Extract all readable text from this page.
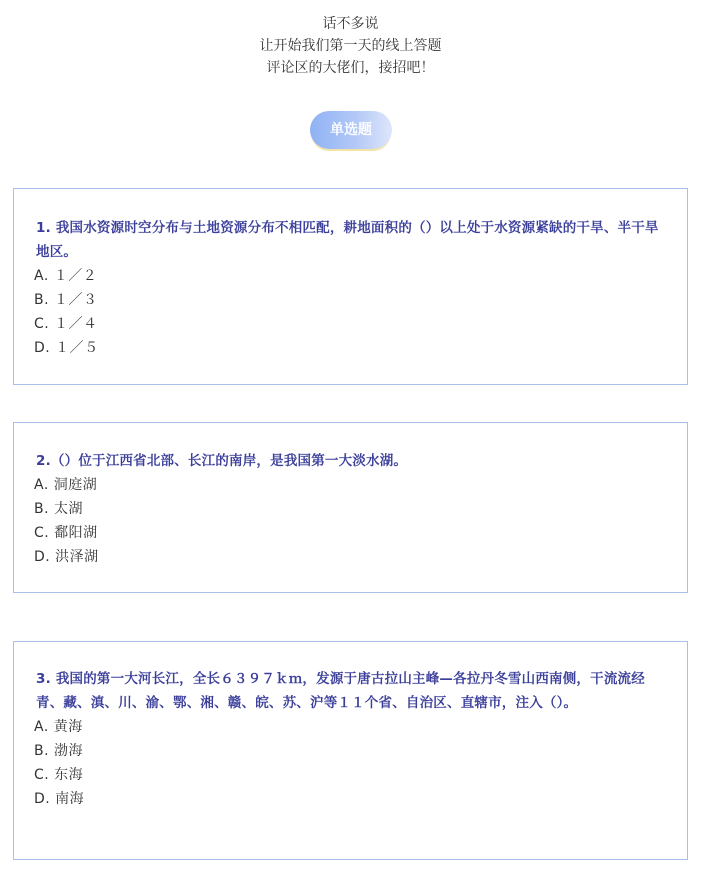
话不多说
让开始我们第一天的线上答题
评论区的大佬们，接招吧！
单选题

1. 我国水资源时空分布与土地资源分布不相匹配，耕地面积的（）以上处于水资源紧缺的干旱、半干旱地区。

A. １／２
B. １／３
C. １／４
D. １／５

2.（）位于江西省北部、长江的南岸，是我国第一大淡水湖。

A. 洞庭湖
B. 太湖
C. 鄱阳湖
D. 洪泽湖

3. 我国的第一大河长江，全长６３９７ｋｍ，发源于唐古拉山主峰—各拉丹冬雪山西南侧，干流流经青、藏、滇、川、渝、鄂、湘、赣、皖、苏、沪等１１个省、自治区、直辖市，注入（）。

A. 黄海
B. 渤海
C. 东海
D. 南海
